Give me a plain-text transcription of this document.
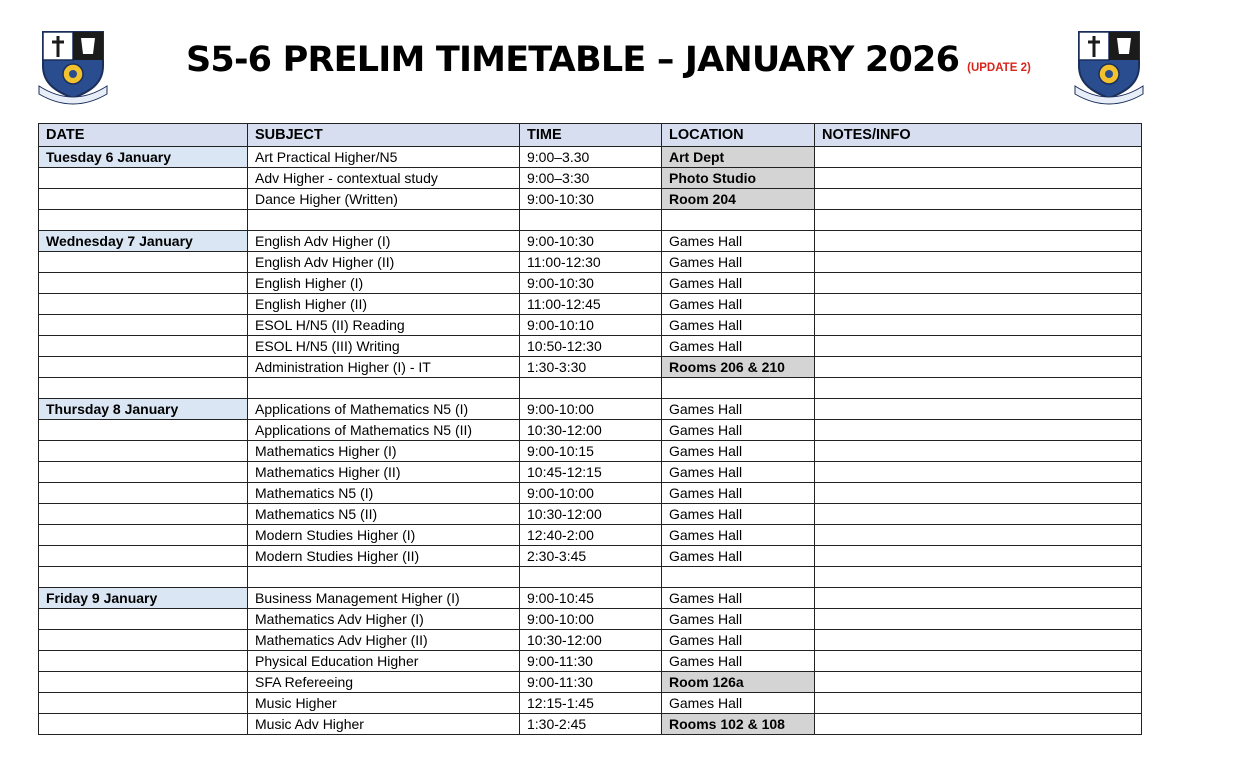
S5-6 PRELIM TIMETABLE – JANUARY 2026 (UPDATE 2)
DATE	SUBJECT	TIME	LOCATION	NOTES/INFO
Tuesday 6 January	Art Practical Higher/N5	9:00–3.30	Art Dept	
	Adv Higher - contextual study	9:00–3:30	Photo Studio	
	Dance Higher (Written)	9:00-10:30	Room 204	

Wednesday 7 January	English Adv Higher (I)	9:00-10:30	Games Hall	
	English Adv Higher (II)	11:00-12:30	Games Hall	
	English Higher (I)	9:00-10:30	Games Hall	
	English Higher (II)	11:00-12:45	Games Hall	
	ESOL H/N5 (II) Reading	9:00-10:10	Games Hall	
	ESOL H/N5 (III) Writing	10:50-12:30	Games Hall	
	Administration Higher (I) - IT	1:30-3:30	Rooms 206 & 210	

Thursday 8 January	Applications of Mathematics N5 (I)	9:00-10:00	Games Hall	
	Applications of Mathematics N5 (II)	10:30-12:00	Games Hall	
	Mathematics Higher (I)	9:00-10:15	Games Hall	
	Mathematics Higher (II)	10:45-12:15	Games Hall	
	Mathematics N5 (I)	9:00-10:00	Games Hall	
	Mathematics N5 (II)	10:30-12:00	Games Hall	
	Modern Studies Higher (I)	12:40-2:00	Games Hall	
	Modern Studies Higher (II)	2:30-3:45	Games Hall	

Friday 9 January	Business Management Higher (I)	9:00-10:45	Games Hall	
	Mathematics Adv Higher (I)	9:00-10:00	Games Hall	
	Mathematics Adv Higher (II)	10:30-12:00	Games Hall	
	Physical Education Higher	9:00-11:30	Games Hall	
	SFA Refereeing	9:00-11:30	Room 126a	
	Music Higher	12:15-1:45	Games Hall	
	Music Adv Higher	1:30-2:45	Rooms 102 & 108	
